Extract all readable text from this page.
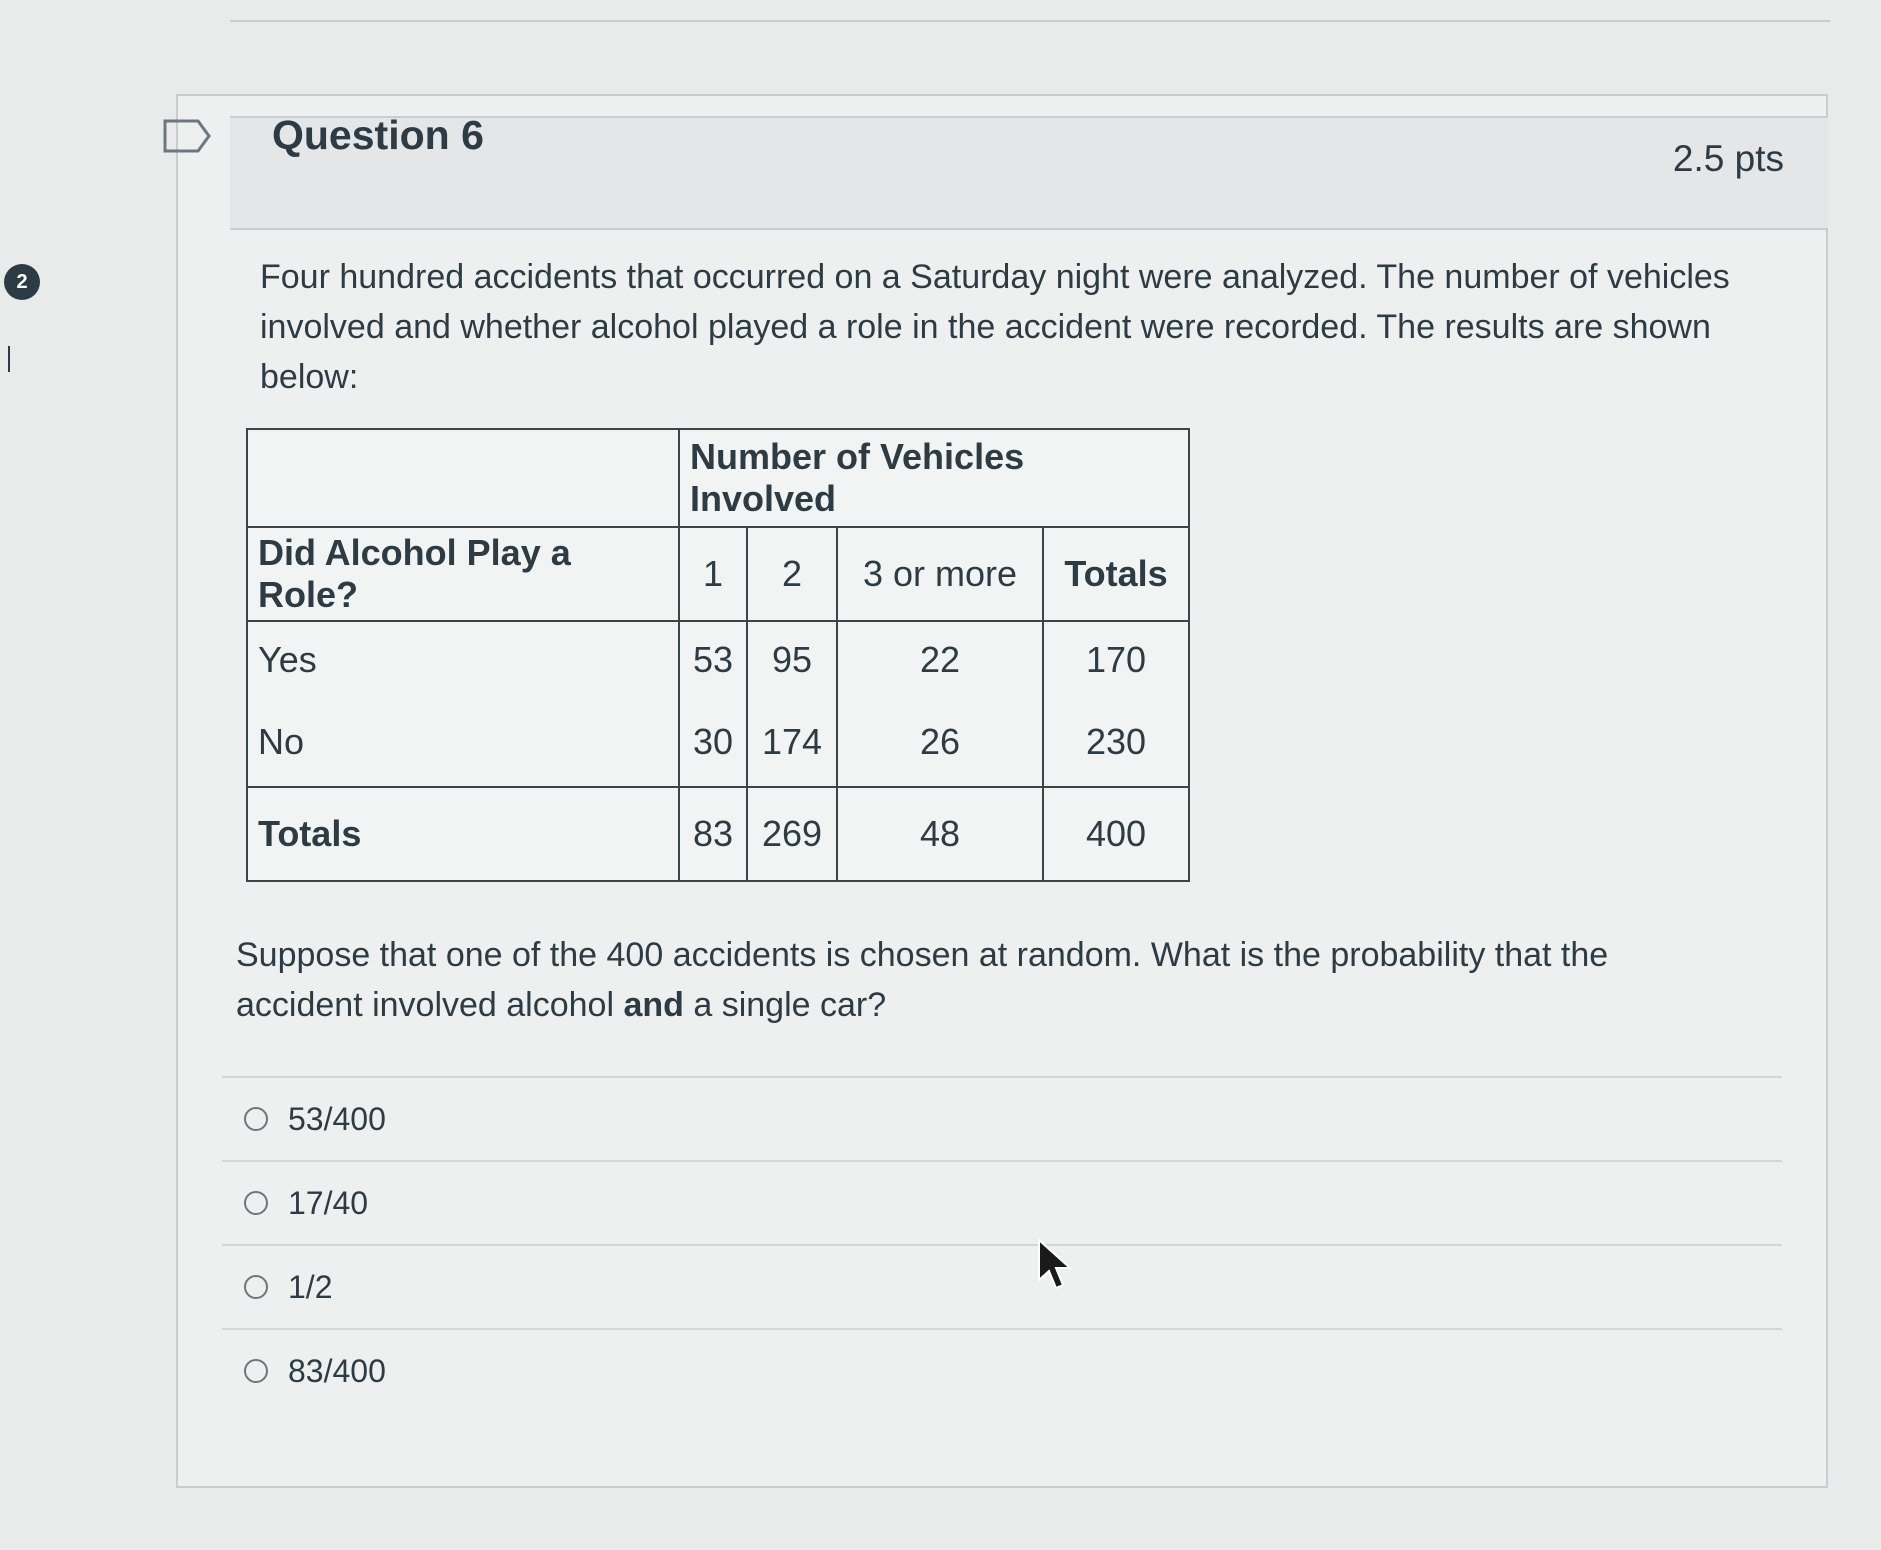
2
Question 6
2.5 pts
Four hundred accidents that occurred on a Saturday night were analyzed. The number of vehicles involved and whether alcohol played a role in the accident were recorded. The results are shown below:
	Number of Vehicles Involved			
Did Alcohol Play a Role?	1	2	3 or more	Totals
Yes	53	95	22	170
No	30	174	26	230
Totals	83	269	48	400
Suppose that one of the 400 accidents is chosen at random. What is the probability that the accident involved alcohol and a single car?
53/400
17/40
1/2
83/400
